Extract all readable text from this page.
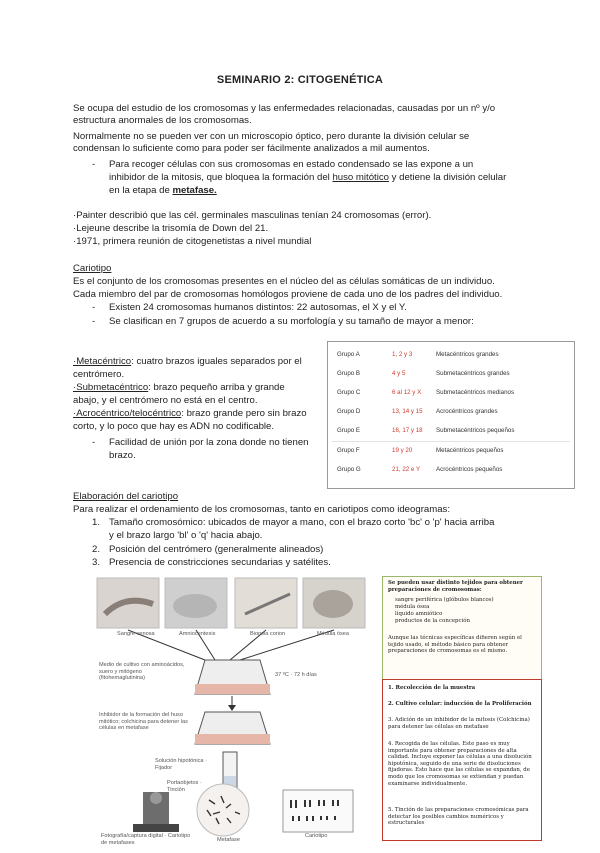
SEMINARIO 2: CITOGENÉTICA
Se ocupa del estudio de los cromosomas y las enfermedades relacionadas, causadas por un nº y/o
estructura anormales de los cromosomas.
Normalmente no se pueden ver con un microscopio óptico, pero durante la división celular se
condensan lo suficiente como para poder ser fácilmente analizados a mil aumentos.
- Para recoger células con sus cromosomas en estado condensado se las expone a un
inhibidor de la mitosis, que bloquea la formación del huso mitótico y detiene la división celular
en la etapa de metafase.
·Painter describió que las cél. germinales masculinas tenían 24 cromosomas (error).
·Lejeune describe la trisomía de Down del 21.
·1971, primera reunión de citogenetistas a nivel mundial
Cariotipo
Es el conjunto de los cromosomas presentes en el núcleo del as células somáticas de un individuo.
Cada miembro del par de cromosomas homólogos proviene de cada uno de los padres del individuo.
- Existen 24 cromosomas humanos distintos: 22 autosomas, el X y el Y.
- Se clasifican en 7 grupos de acuerdo a su morfología y su tamaño de mayor a menor:
·Metacéntrico: cuatro brazos iguales separados por el
centrómero.
·Submetacéntrico: brazo pequeño arriba y grande
abajo, y el centrómero no está en el centro.
·Acrocéntrico/telocéntrico: brazo grande pero sin brazo
corto, y lo poco que hay es ADN no codificable.
- Facilidad de unión por la zona donde no tienen
brazo.
Grupo A	1, 2 y 3	Metacéntricos grandes
Grupo B	4 y 5	Submetacéntricos grandes
Grupo C	6 al 12 y X Submetacéntricos medianos
Grupo D	13, 14 y 15 Acrocéntricos grandes
Grupo E	16, 17 y 18 Submetacéntricos pequeños
Grupo F	19 y 20	Metacéntricos pequeños
Grupo G	21, 22 e Y	Acrocéntricos pequeños
Elaboración del cariotipo
Para realizar el ordenamiento de los cromosomas, tanto en cariotipos como ideogramas:
1. Tamaño cromosómico: ubicados de mayor a mano, con el brazo corto 'bc' o 'p' hacia arriba
y el brazo largo 'bl' o 'q' hacia abajo.
2. Posición del centrómero (generalmente alineados)
3. Presencia de constricciones secundarias y satélites.
Sangre venosa	Amniocentesis	Biopsia corion	Médula ósea
Medio de cultivo con aminoácidos, suero y mitógeno (fitohemaglutinina)
37 ºC · 72 h días
Inhibidor de la formación del huso mitótico; colchicina para detener las células en metafase
Solución hipotónica · Fijador
Portaobjetos · Tinción
Fotografía/captura digital · Cariotipo de metafases	Metafase
Cariotipo
Se pueden usar distinto tejidos para obtener preparaciones de cromosomas:
sangre periférica (glóbulos blancos)
médula ósea
líquido amniótico
productos de la concepción
Aunque las técnicas específicas difieren según el tejido usado, el método básico para obtener preparaciones de cromosomas es el mismo.
1. Recolección de la muestra
2. Cultivo celular: inducción de la Proliferación
3. Adición de un inhibidor de la mitosis (Colchicina) para detener las células en metafase
4. Recogida de las células. Este paso es muy importante para obtener preparaciones de alta calidad. Incluye exponer las células a una disolución hipotónica, seguido de una serie de disoluciones fijadoras. Esto hace que las células se expandan, de modo que los cromosomas se extiendan y puedan examinarse individualmente.
5. Tinción de las preparaciones cromosómicas para detectar los posibles cambios numéricos y estructurales
